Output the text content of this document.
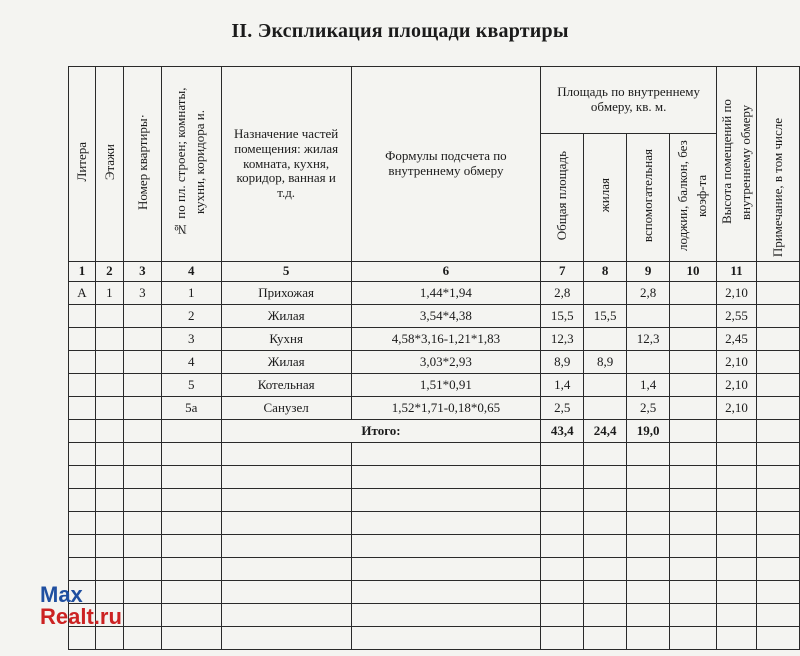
II. Экспликация площади квартиры
Литера	Этажи	Номер квартиры·	№ по пл. строен; комнаты, кухни, коридора и.	Назначение частей помещения: жилая комната, кухня, коридор, ванная и т.д.	Формулы подсчета по внутреннему обмеру	Площадь по внутреннему обмеру, кв. м.				Высота помещений по внутреннему обмеру	Примечание, в том числе
						Общая площадь	жилая	вспомогательная	лоджии, балкон, без коэф-та		
1	2	3	4	5	6	7	8	9	10	11	
А	1	3	1	Прихожая	1,44*1,94	2,8		2,8		2,10	
			2	Жилая	3,54*4,38	15,5	15,5			2,55	
			3	Кухня	4,58*3,16-1,21*1,83	12,3		12,3		2,45	
			4	Жилая	3,03*2,93	8,9	8,9			2,10	
			5	Котельная	1,51*0,91	1,4		1,4		2,10	
			5а	Санузел	1,52*1,71-0,18*0,65	2,5		2,5		2,10	
				Итого:		43,4	24,4	19,0			

Max
Realt.ru
